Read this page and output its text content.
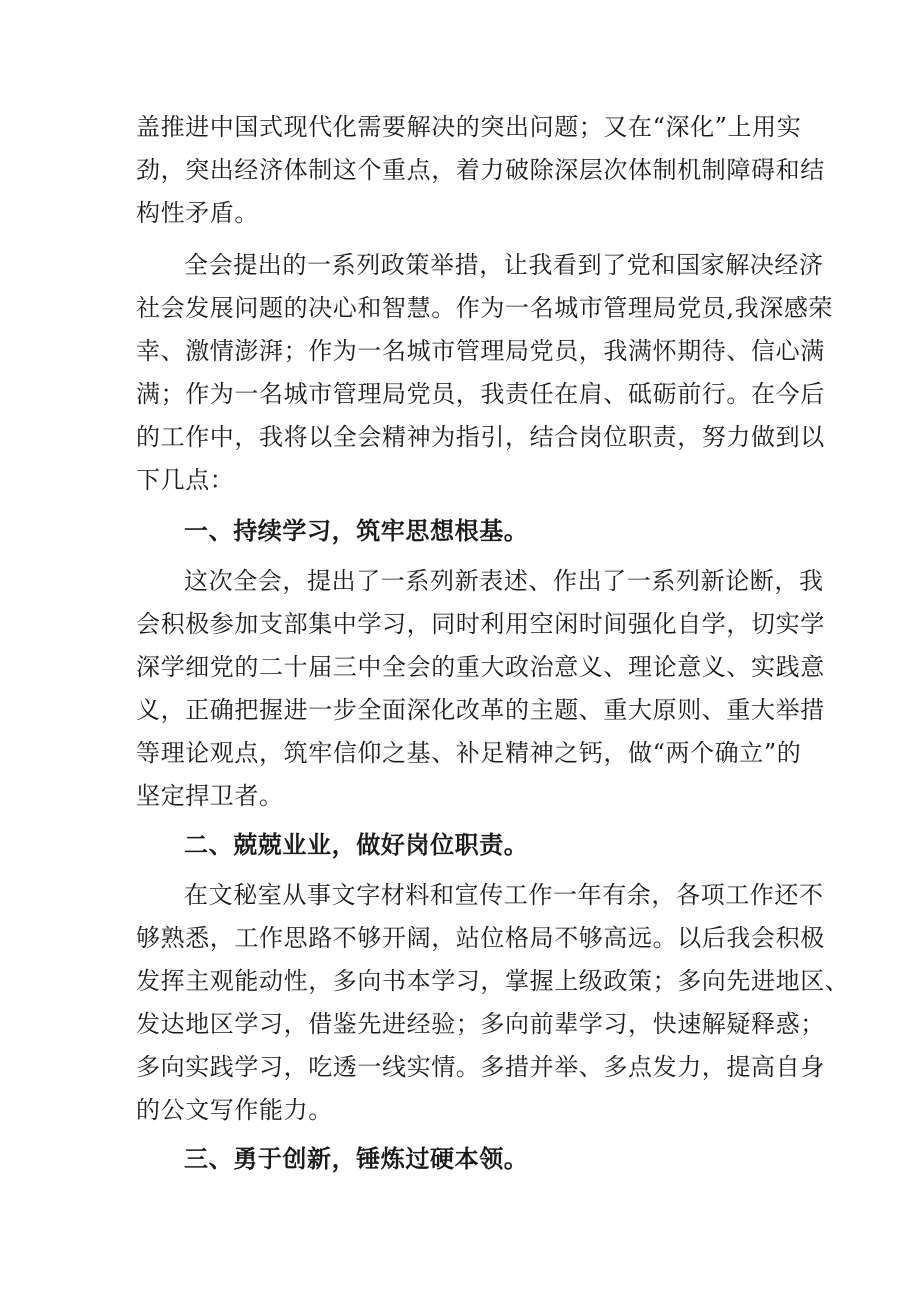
盖推进中国式现代化需要解决的突出问题；又在“深化”上用实
劲，突出经济体制这个重点，着力破除深层次体制机制障碍和结
构性矛盾。
全会提出的一系列政策举措，让我看到了党和国家解决经济
社会发展问题的决心和智慧。作为一名城市管理局党员,我深感荣
幸、激情澎湃；作为一名城市管理局党员，我满怀期待、信心满
满；作为一名城市管理局党员，我责任在肩、砥砺前行。在今后
的工作中，我将以全会精神为指引，结合岗位职责，努力做到以
下几点：
一、持续学习，筑牢思想根基。
这次全会，提出了一系列新表述、作出了一系列新论断，我
会积极参加支部集中学习，同时利用空闲时间强化自学，切实学
深学细党的二十届三中全会的重大政治意义、理论意义、实践意
义，正确把握进一步全面深化改革的主题、重大原则、重大举措
等理论观点，筑牢信仰之基、补足精神之钙，做“两个确立”的
坚定捍卫者。
二、兢兢业业，做好岗位职责。
在文秘室从事文字材料和宣传工作一年有余，各项工作还不
够熟悉，工作思路不够开阔，站位格局不够高远。以后我会积极
发挥主观能动性，多向书本学习，掌握上级政策；多向先进地区、
发达地区学习，借鉴先进经验；多向前辈学习，快速解疑释惑；
多向实践学习，吃透一线实情。多措并举、多点发力，提高自身
的公文写作能力。
三、勇于创新，锤炼过硬本领。
